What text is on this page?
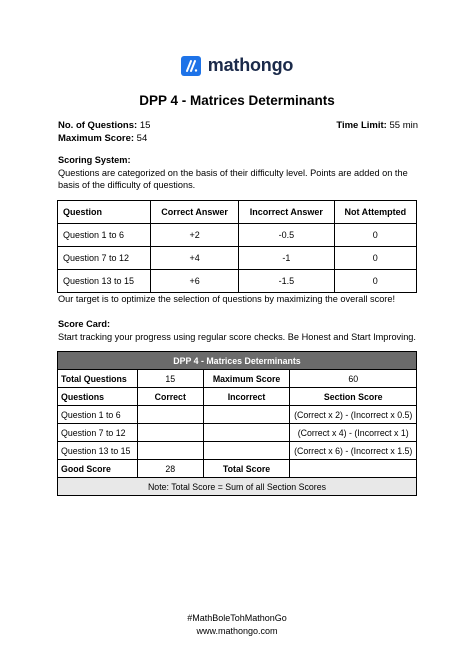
mathongo
DPP 4 - Matrices Determinants
No. of Questions: 15	Time Limit: 55 min
Maximum Score: 54
Scoring System:
Questions are categorized on the basis of their difficulty level. Points are added on the basis of the difficulty of questions.
Question	Correct Answer	Incorrect Answer	Not Attempted
Question 1 to 6	+2	-0.5	0
Question 7 to 12	+4	-1	0
Question 13 to 15	+6	-1.5	0
Our target is to optimize the selection of questions by maximizing the overall score!
Score Card:
Start tracking your progress using regular score checks. Be Honest and Start Improving.
DPP 4 - Matrices Determinants			
Total Questions	15	Maximum Score	60
Questions	Correct	Incorrect	Section Score
Question 1 to 6			(Correct x 2) - (Incorrect x 0.5)
Question 7 to 12			(Correct x 4) - (Incorrect x 1)
Question 13 to 15			(Correct x 6) - (Incorrect x 1.5)
Good Score	28	Total Score	
Note: Total Score = Sum of all Section Scores			
#MathBoleTohMathonGo
www.mathongo.com
